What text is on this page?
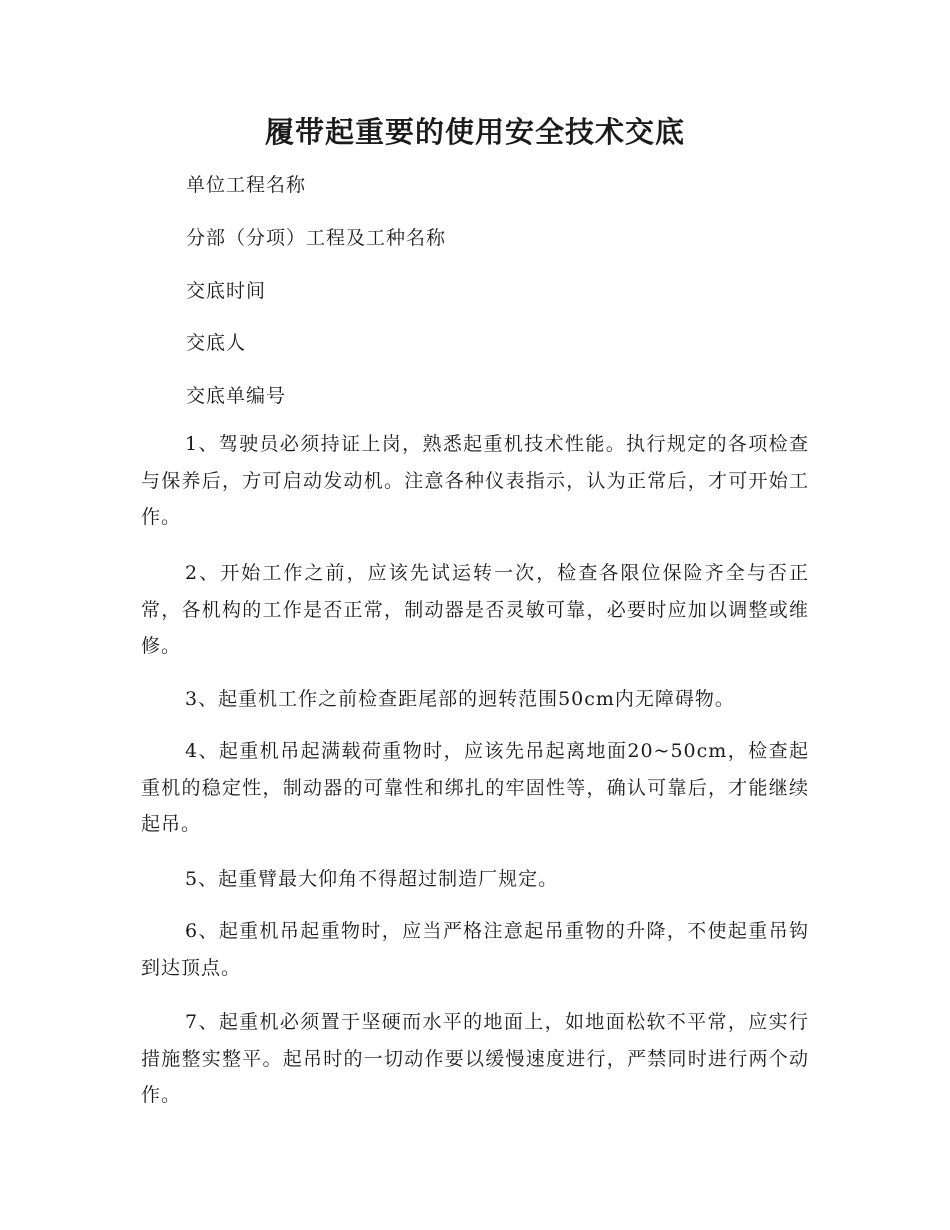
履带起重要的使用安全技术交底

单位工程名称

分部（分项）工程及工种名称

交底时间

交底人

交底单编号

1、驾驶员必须持证上岗，熟悉起重机技术性能。执行规定的各项检查与保养后，方可启动发动机。注意各种仪表指示，认为正常后，才可开始工作。

2、开始工作之前，应该先试运转一次，检查各限位保险齐全与否正常，各机构的工作是否正常，制动器是否灵敏可靠，必要时应加以调整或维修。

3、起重机工作之前检查距尾部的迥转范围50cm内无障碍物。

4、起重机吊起满载荷重物时，应该先吊起离地面20~50cm，检查起重机的稳定性，制动器的可靠性和绑扎的牢固性等，确认可靠后，才能继续起吊。

5、起重臂最大仰角不得超过制造厂规定。

6、起重机吊起重物时，应当严格注意起吊重物的升降，不使起重吊钩到达顶点。

7、起重机必须置于坚硬而水平的地面上，如地面松软不平常，应实行措施整实整平。起吊时的一切动作要以缓慢速度进行，严禁同时进行两个动作。
